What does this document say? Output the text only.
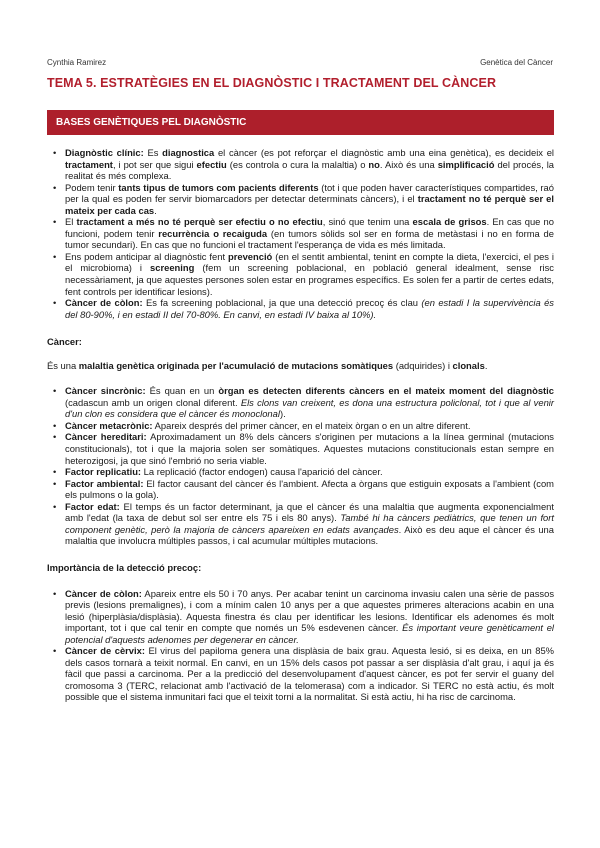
Cynthia Ramirez	Genètica del Càncer
TEMA 5. ESTRATÈGIES EN EL DIAGNÒSTIC I TRACTAMENT DEL CÀNCER
BASES GENÈTIQUES PEL DIAGNÒSTIC
• Diagnòstic clínic: Es diagnostica el càncer (es pot reforçar el diagnòstic amb una eina genètica), es decideix el tractament, i pot ser que sigui efectiu (es controla o cura la malaltia) o no. Això és una simplificació del procés, la realitat és més complexa.
• Podem tenir tants tipus de tumors com pacients diferents (tot i que poden haver característiques compartides, raó per la qual es poden fer servir biomarcadors per detectar determinats càncers), i el tractament no té perquè ser el mateix per cada cas.
• El tractament a més no té perquè ser efectiu o no efectiu, sinó que tenim una escala de grisos. En cas que no funcioni, podem tenir recurrència o recaiguda (en tumors sòlids sol ser en forma de metàstasi i no en forma de tumor secundari). En cas que no funcioni el tractament l'esperança de vida es més limitada.
• Ens podem anticipar al diagnòstic fent prevenció (en el sentit ambiental, tenint en compte la dieta, l'exercici, el pes i el microbioma) i screening (fem un screening poblacional, en població general idealment, sense risc necessàriament, ja que aquestes persones solen estar en programes específics. Es solen fer a partir de certes edats, fent controls per identificar lesions).
• Càncer de còlon: Es fa screening poblacional, ja que una detecció precoç és clau (en estadi I la supervivència és del 80-90%, i en estadi II del 70-80%. En canvi, en estadi IV baixa al 10%).

Càncer:

És una malaltia genètica originada per l'acumulació de mutacions somàtiques (adquirides) i clonals.

• Càncer sincrònic: És quan en un òrgan es detecten diferents càncers en el mateix moment del diagnòstic (cadascun amb un origen clonal diferent. Els clons van creixent, es dona una estructura policlonal, tot i que al venir d'un clon es considera que el càncer és monoclonal).
• Càncer metacrònic: Apareix després del primer càncer, en el mateix òrgan o en un altre diferent.
• Càncer hereditari: Aproximadament un 8% dels càncers s'originen per mutacions a la línea germinal (mutacions constitucionals), tot i que la majoria solen ser somàtiques. Aquestes mutacions constitucionals estan sempre en heterozigosi, ja que sinó l'embrió no seria viable.
• Factor replicatiu: La replicació (factor endogen) causa l'aparició del càncer.
• Factor ambiental: El factor causant del càncer és l'ambient. Afecta a òrgans que estiguin exposats a l'ambient (com els pulmons o la gola).
• Factor edat: El temps és un factor determinant, ja que el càncer és una malaltia que augmenta exponencialment amb l'edat (la taxa de debut sol ser entre els 75 i els 80 anys). També hi ha càncers pediàtrics, que tenen un fort component genètic, però la majoria de càncers apareixen en edats avançades. Això es deu aque el càncer és una malaltia que involucra múltiples passos, i cal acumular múltiples mutacions.

Importància de la detecció precoç:

• Càncer de còlon: Apareix entre els 50 i 70 anys. Per acabar tenint un carcinoma invasiu calen una sèrie de passos previs (lesions premalignes), i com a mínim calen 10 anys per a que aquestes primeres alteracions acabin en una lesió (hiperplàsia/displàsia). Aquesta finestra és clau per identificar les lesions. Identificar els adenomes és molt important, tot i que cal tenir en compte que només un 5% esdevenen càncer. És important veure genèticament el potencial d'aquests adenomes per degenerar en càncer.
• Càncer de cèrvix: El virus del papiloma genera una displàsia de baix grau. Aquesta lesió, si es deixa, en un 85% dels casos tornarà a teixit normal. En canvi, en un 15% dels casos pot passar a ser displàsia d'alt grau, i aquí ja és fàcil que passi a carcinoma. Per a la predicció del desenvolupament d'aquest càncer, es pot fer servir el guany del cromosoma 3 (TERC, relacionat amb l'activació de la telomerasa) com a indicador. Si TERC no està actiu, és molt possible que el sistema inmunitari faci que el teixit torni a la normalitat. Si està actiu, hi ha risc de carcinoma.
